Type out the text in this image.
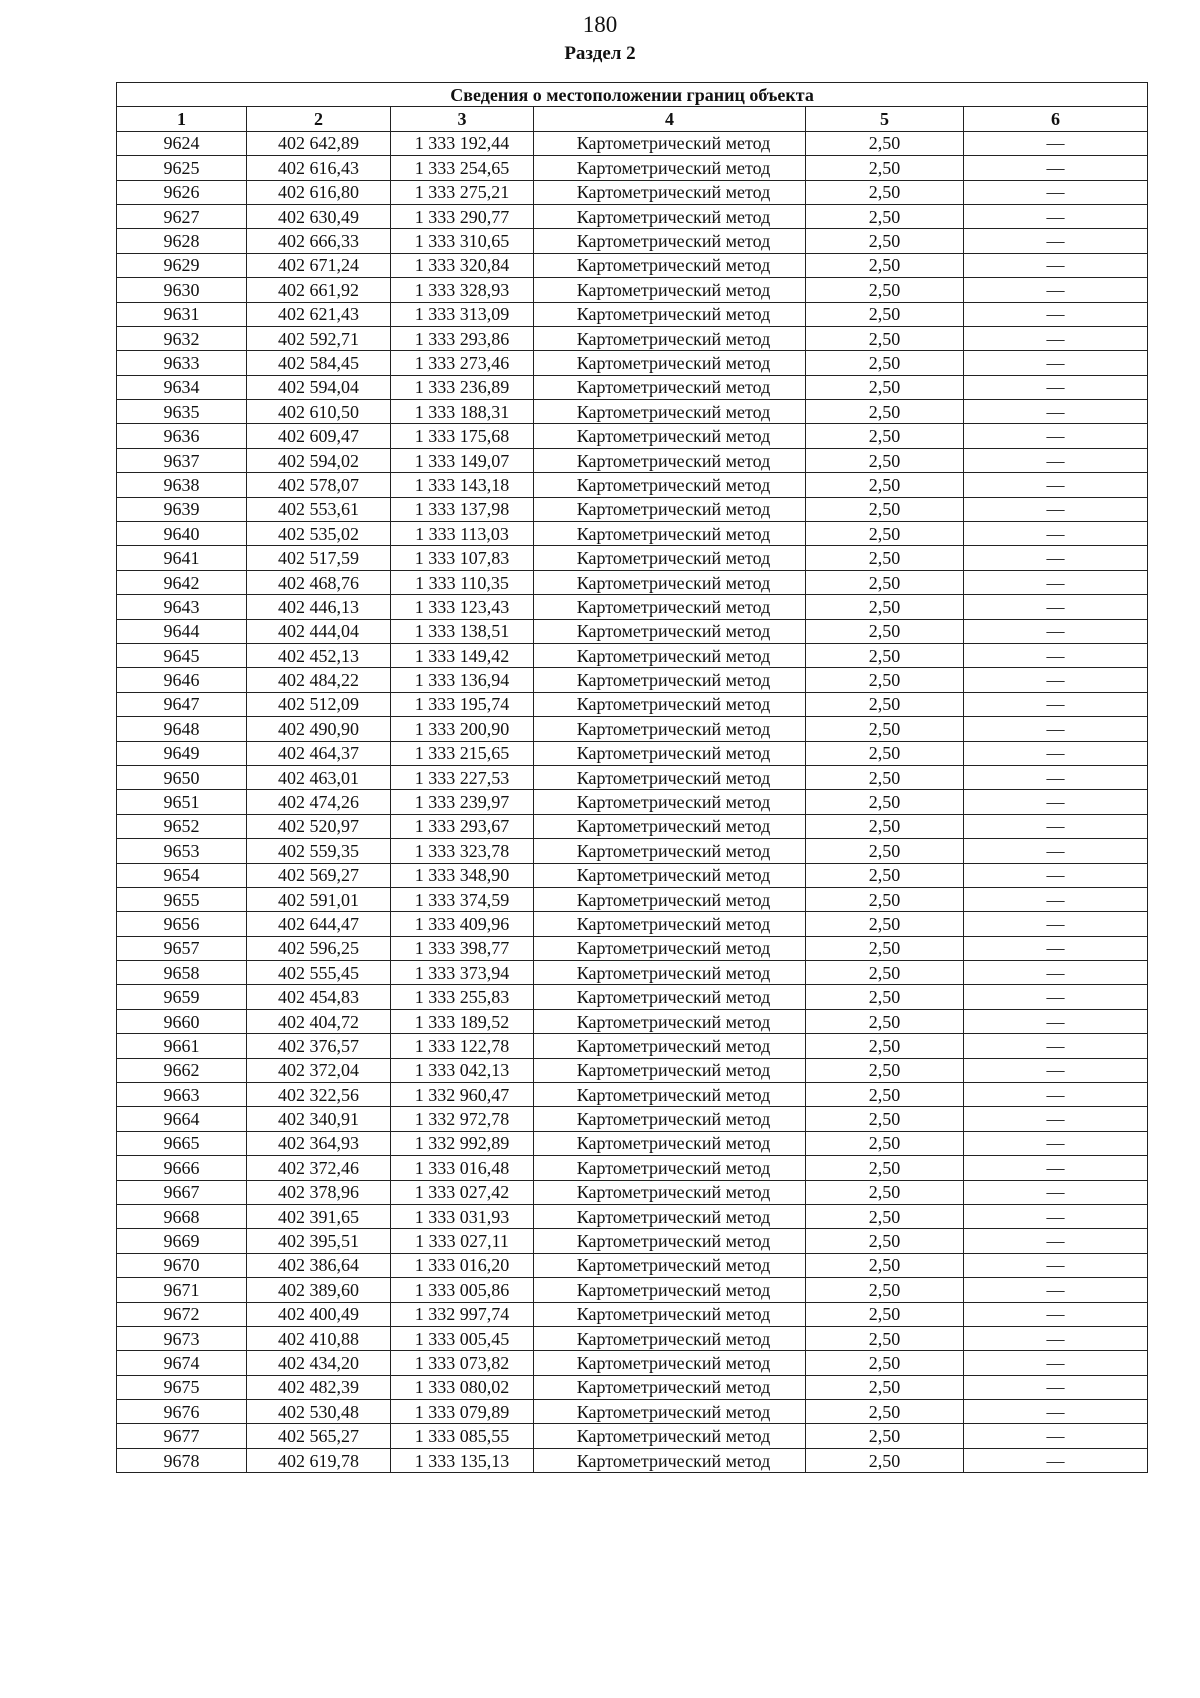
180
Раздел 2
Сведения о местоположении границ объекта					
1	2	3	4	5	6
9624	402 642,89	1 333 192,44	Картометрический метод	2,50	—
9625	402 616,43	1 333 254,65	Картометрический метод	2,50	—
9626	402 616,80	1 333 275,21	Картометрический метод	2,50	—
9627	402 630,49	1 333 290,77	Картометрический метод	2,50	—
9628	402 666,33	1 333 310,65	Картометрический метод	2,50	—
9629	402 671,24	1 333 320,84	Картометрический метод	2,50	—
9630	402 661,92	1 333 328,93	Картометрический метод	2,50	—
9631	402 621,43	1 333 313,09	Картометрический метод	2,50	—
9632	402 592,71	1 333 293,86	Картометрический метод	2,50	—
9633	402 584,45	1 333 273,46	Картометрический метод	2,50	—
9634	402 594,04	1 333 236,89	Картометрический метод	2,50	—
9635	402 610,50	1 333 188,31	Картометрический метод	2,50	—
9636	402 609,47	1 333 175,68	Картометрический метод	2,50	—
9637	402 594,02	1 333 149,07	Картометрический метод	2,50	—
9638	402 578,07	1 333 143,18	Картометрический метод	2,50	—
9639	402 553,61	1 333 137,98	Картометрический метод	2,50	—
9640	402 535,02	1 333 113,03	Картометрический метод	2,50	—
9641	402 517,59	1 333 107,83	Картометрический метод	2,50	—
9642	402 468,76	1 333 110,35	Картометрический метод	2,50	—
9643	402 446,13	1 333 123,43	Картометрический метод	2,50	—
9644	402 444,04	1 333 138,51	Картометрический метод	2,50	—
9645	402 452,13	1 333 149,42	Картометрический метод	2,50	—
9646	402 484,22	1 333 136,94	Картометрический метод	2,50	—
9647	402 512,09	1 333 195,74	Картометрический метод	2,50	—
9648	402 490,90	1 333 200,90	Картометрический метод	2,50	—
9649	402 464,37	1 333 215,65	Картометрический метод	2,50	—
9650	402 463,01	1 333 227,53	Картометрический метод	2,50	—
9651	402 474,26	1 333 239,97	Картометрический метод	2,50	—
9652	402 520,97	1 333 293,67	Картометрический метод	2,50	—
9653	402 559,35	1 333 323,78	Картометрический метод	2,50	—
9654	402 569,27	1 333 348,90	Картометрический метод	2,50	—
9655	402 591,01	1 333 374,59	Картометрический метод	2,50	—
9656	402 644,47	1 333 409,96	Картометрический метод	2,50	—
9657	402 596,25	1 333 398,77	Картометрический метод	2,50	—
9658	402 555,45	1 333 373,94	Картометрический метод	2,50	—
9659	402 454,83	1 333 255,83	Картометрический метод	2,50	—
9660	402 404,72	1 333 189,52	Картометрический метод	2,50	—
9661	402 376,57	1 333 122,78	Картометрический метод	2,50	—
9662	402 372,04	1 333 042,13	Картометрический метод	2,50	—
9663	402 322,56	1 332 960,47	Картометрический метод	2,50	—
9664	402 340,91	1 332 972,78	Картометрический метод	2,50	—
9665	402 364,93	1 332 992,89	Картометрический метод	2,50	—
9666	402 372,46	1 333 016,48	Картометрический метод	2,50	—
9667	402 378,96	1 333 027,42	Картометрический метод	2,50	—
9668	402 391,65	1 333 031,93	Картометрический метод	2,50	—
9669	402 395,51	1 333 027,11	Картометрический метод	2,50	—
9670	402 386,64	1 333 016,20	Картометрический метод	2,50	—
9671	402 389,60	1 333 005,86	Картометрический метод	2,50	—
9672	402 400,49	1 332 997,74	Картометрический метод	2,50	—
9673	402 410,88	1 333 005,45	Картометрический метод	2,50	—
9674	402 434,20	1 333 073,82	Картометрический метод	2,50	—
9675	402 482,39	1 333 080,02	Картометрический метод	2,50	—
9676	402 530,48	1 333 079,89	Картометрический метод	2,50	—
9677	402 565,27	1 333 085,55	Картометрический метод	2,50	—
9678	402 619,78	1 333 135,13	Картометрический метод	2,50	—
